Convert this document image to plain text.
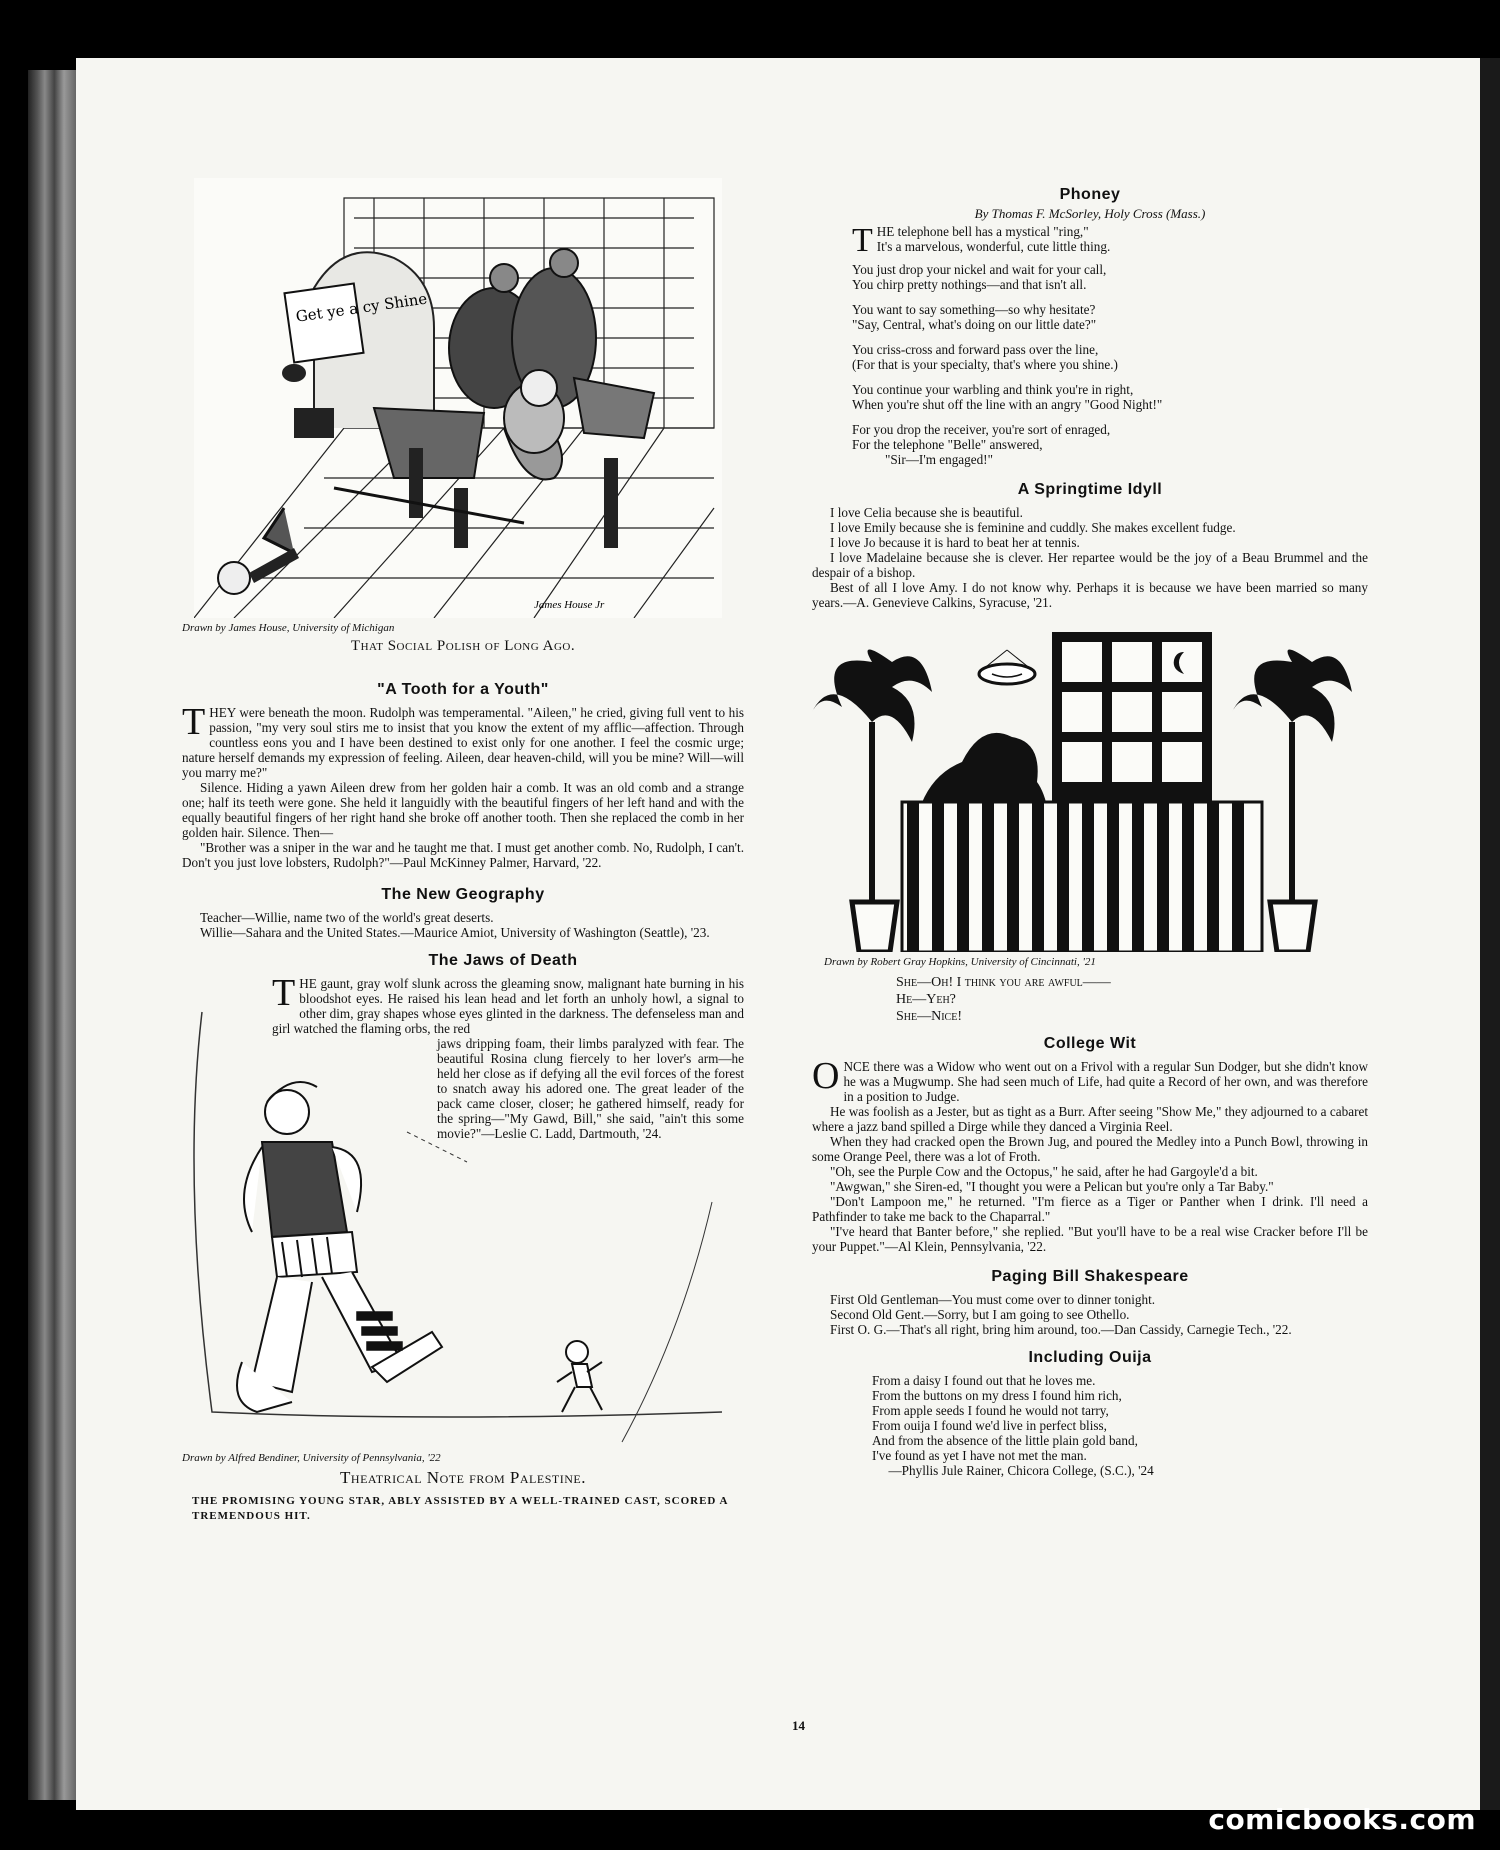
Get ye a cy Shine
James House Jr

Drawn by James House, University of Michigan

That Social Polish of Long Ago.

"A Tooth for a Youth"

THEY were beneath the moon. Rudolph was temperamental. "Aileen," he cried, giving full vent to his passion, "my very soul stirs me to insist that you know the extent of my afflic—affection. Through countless eons you and I have been destined to exist only for one another. I feel the cosmic urge; nature herself demands my expression of feeling. Aileen, dear heaven-child, will you be mine? Will—will you marry me?"

Silence. Hiding a yawn Aileen drew from her golden hair a comb. It was an old comb and a strange one; half its teeth were gone. She held it languidly with the beautiful fingers of her left hand and with the equally beautiful fingers of her right hand she broke off another tooth. Then she replaced the comb in her golden hair. Silence. Then—

"Brother was a sniper in the war and he taught me that. I must get another comb. No, Rudolph, I can't. Don't you just love lobsters, Rudolph?"—Paul McKinney Palmer, Harvard, '22.

The New Geography

Teacher—Willie, name two of the world's great deserts.

Willie—Sahara and the United States.—Maurice Amiot, University of Washington (Seattle), '23.

The Jaws of Death

THE gaunt, gray wolf slunk across the gleaming snow, malignant hate burning in his bloodshot eyes. He raised his lean head and let forth an unholy howl, a signal to other dim, gray shapes whose eyes glinted in the darkness. The defenseless man and girl watched the flaming orbs, the red

jaws dripping foam, their limbs paralyzed with fear. The beautiful Rosina clung fiercely to her lover's arm—he held her close as if defying all the evil forces of the forest to snatch away his adored one. The great leader of the pack came closer, closer; he gathered himself, ready for the spring—"My Gawd, Bill," she said, "ain't this some movie?"—Leslie C. Ladd, Dartmouth, '24.

Drawn by Alfred Bendiner, University of Pennsylvania, '22

Theatrical Note from Palestine.

THE PROMISING YOUNG STAR, ABLY ASSISTED BY A WELL-TRAINED CAST, SCORED A TREMENDOUS HIT.

Phoney

By Thomas F. McSorley, Holy Cross (Mass.)

THE telephone bell has a mystical "ring,"
It's a marvelous, wonderful, cute little thing.

You just drop your nickel and wait for your call,
You chirp pretty nothings—and that isn't all.

You want to say something—so why hesitate?
"Say, Central, what's doing on our little date?"

You criss-cross and forward pass over the line,
(For that is your specialty, that's where you shine.)

You continue your warbling and think you're in right,
When you're shut off the line with an angry "Good Night!"

For you drop the receiver, you're sort of enraged,
For the telephone "Belle" answered,
"Sir—I'm engaged!"

A Springtime Idyll

I love Celia because she is beautiful.

I love Emily because she is feminine and cuddly. She makes excellent fudge.

I love Jo because it is hard to beat her at tennis.

I love Madelaine because she is clever. Her repartee would be the joy of a Beau Brummel and the despair of a bishop.

Best of all I love Amy. I do not know why. Perhaps it is because we have been married so many years.—A. Genevieve Calkins, Syracuse, '21.

Drawn by Robert Gray Hopkins, University of Cincinnati, '21

She—Oh! I think you are awful——

He—Yeh?

She—Nice!

College Wit

ONCE there was a Widow who went out on a Frivol with a regular Sun Dodger, but she didn't know he was a Mugwump. She had seen much of Life, had quite a Record of her own, and was therefore in a position to Judge.

He was foolish as a Jester, but as tight as a Burr. After seeing "Show Me," they adjourned to a cabaret where a jazz band spilled a Dirge while they danced a Virginia Reel.

When they had cracked open the Brown Jug, and poured the Medley into a Punch Bowl, throwing in some Orange Peel, there was a lot of Froth.

"Oh, see the Purple Cow and the Octopus," he said, after he had Gargoyle'd a bit.

"Awgwan," she Siren-ed, "I thought you were a Pelican but you're only a Tar Baby."

"Don't Lampoon me," he returned. "I'm fierce as a Tiger or Panther when I drink. I'll need a Pathfinder to take me back to the Chaparral."

"I've heard that Banter before," she replied. "But you'll have to be a real wise Cracker before I'll be your Puppet."—Al Klein, Pennsylvania, '22.

Paging Bill Shakespeare

First Old Gentleman—You must come over to dinner tonight.

Second Old Gent.—Sorry, but I am going to see Othello.

First O. G.—That's all right, bring him around, too.—Dan Cassidy, Carnegie Tech., '22.

Including Ouija

From a daisy I found out that he loves me.
From the buttons on my dress I found him rich,
From apple seeds I found he would not tarry,
From ouija I found we'd live in perfect bliss,
And from the absence of the little plain gold band,
I've found as yet I have not met the man.
—Phyllis Jule Rainer, Chicora College, (S.C.), '24

14
comicbooks.com
